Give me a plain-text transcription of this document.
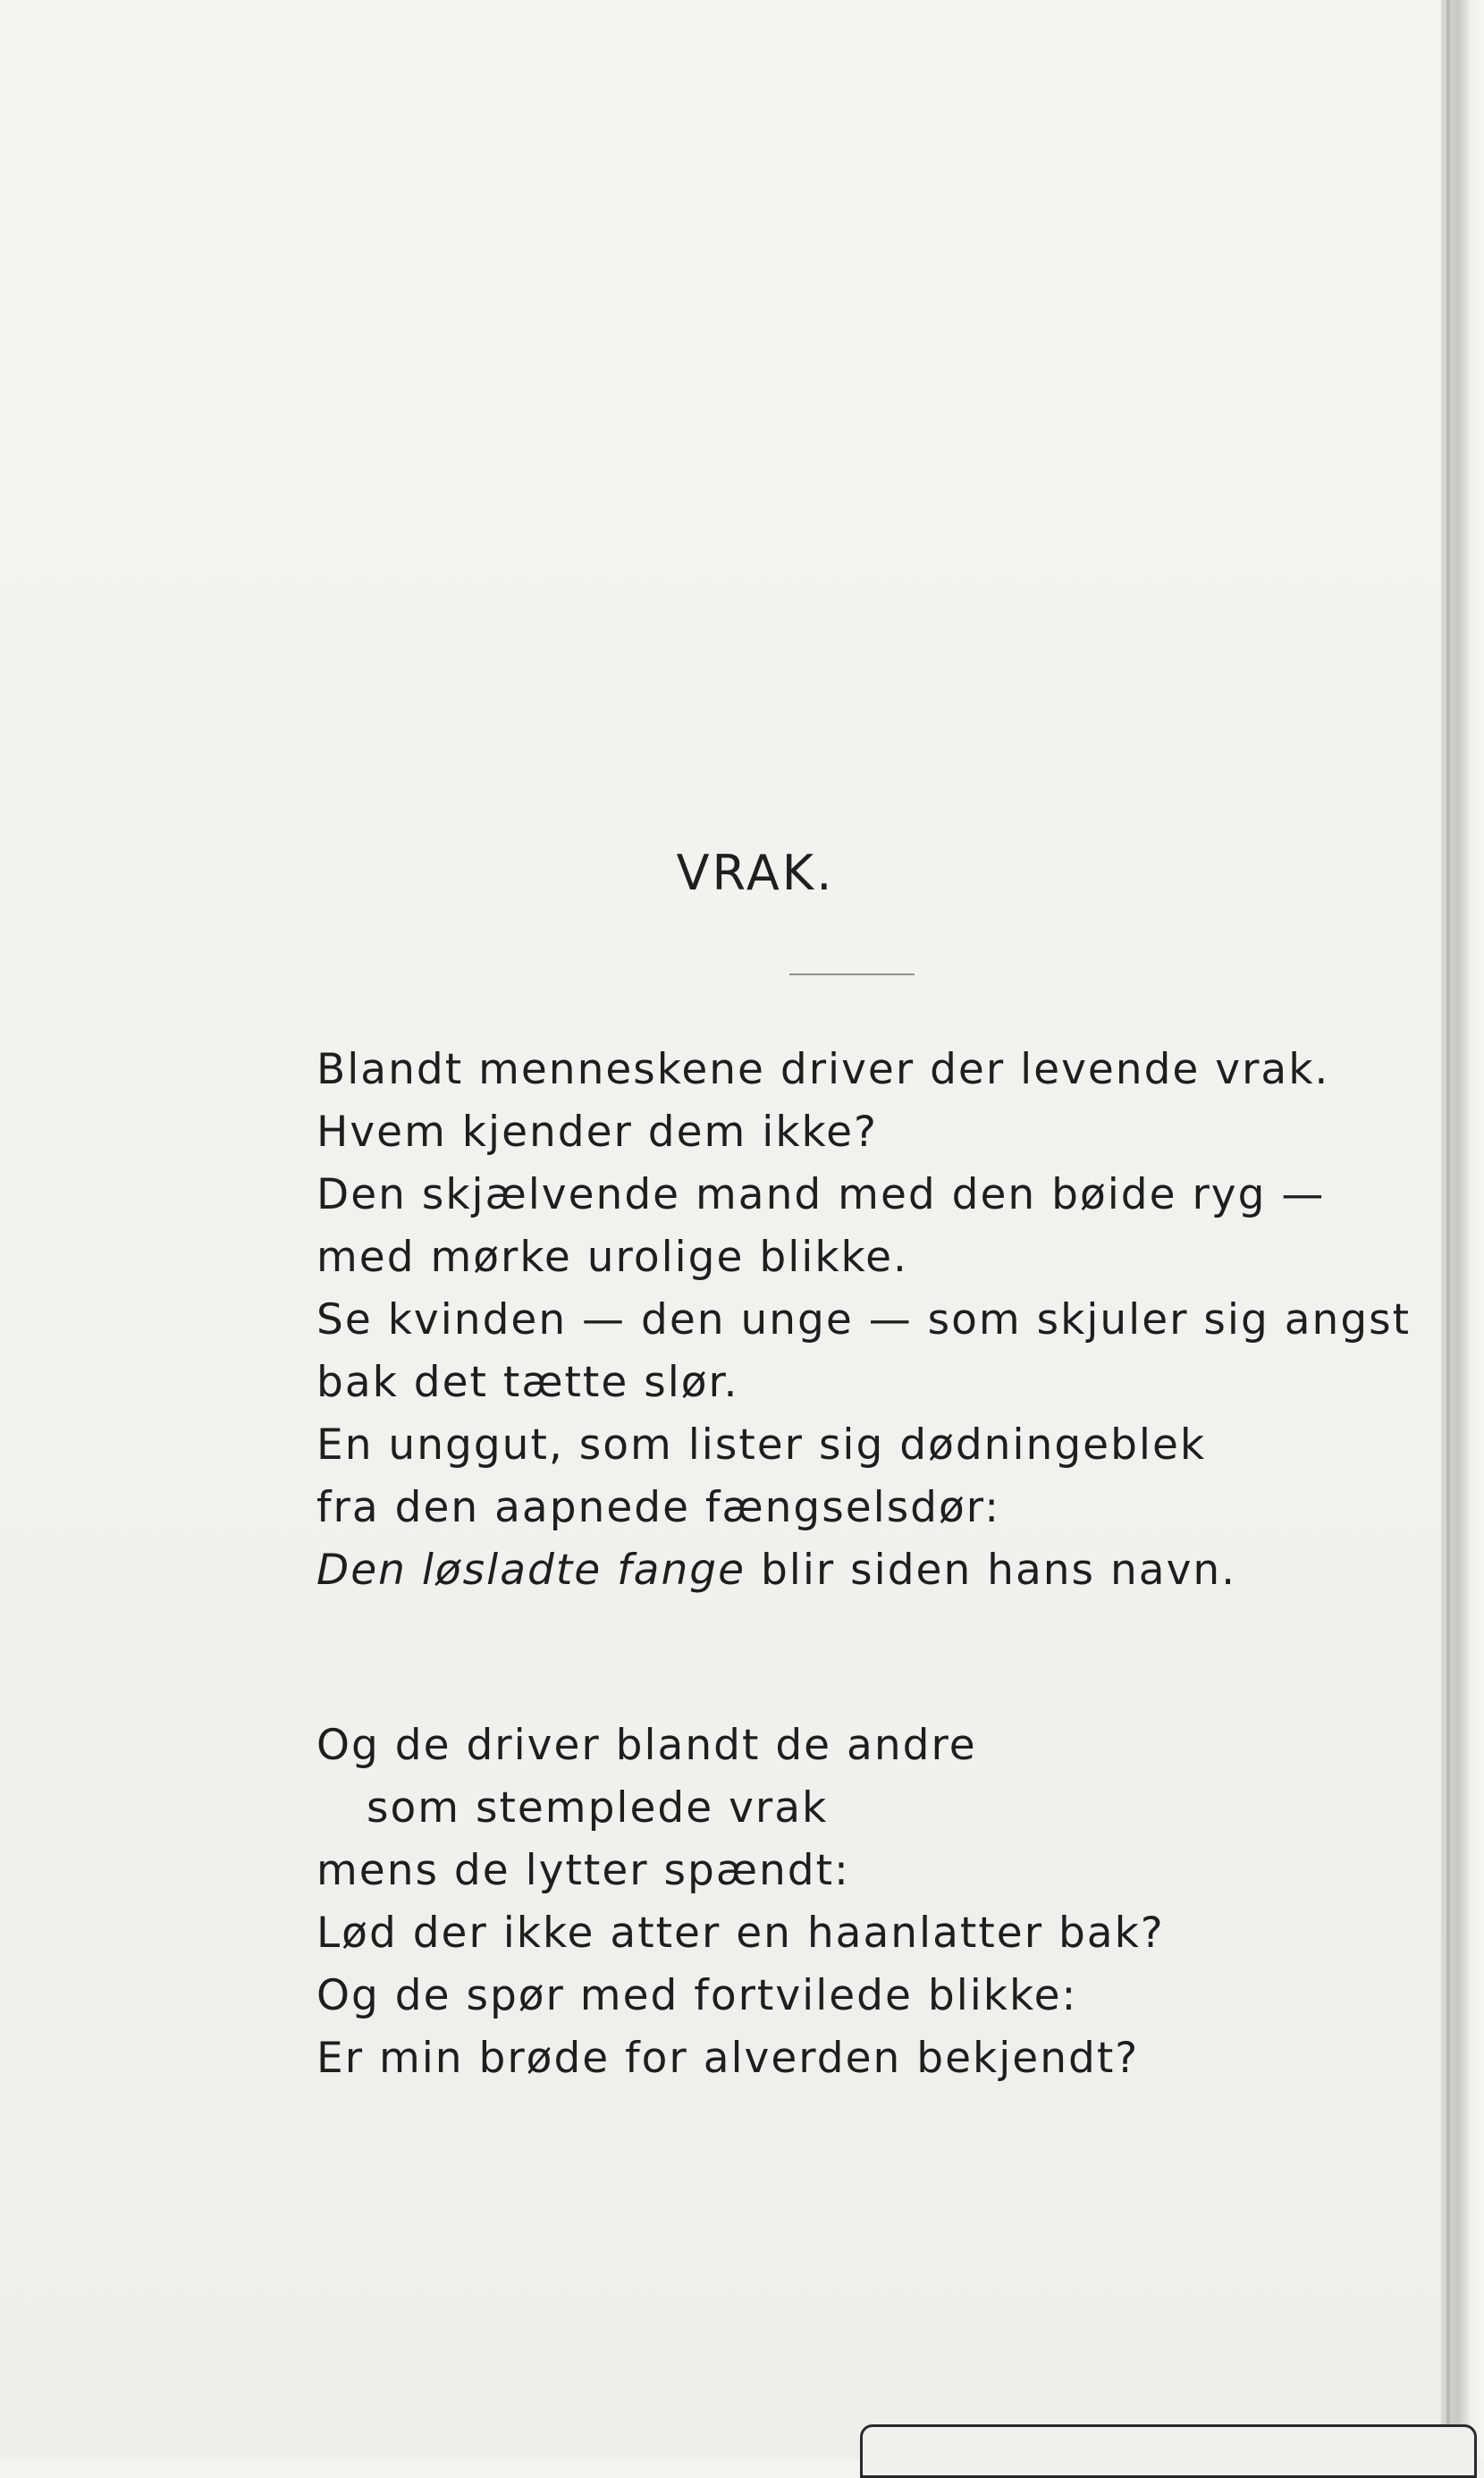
VRAK.
Blandt menneskene driver der levende vrak.
Hvem kjender dem ikke?
Den skjælvende mand med den bøide ryg —
med mørke urolige blikke.
Se kvinden — den unge — som skjuler sig angst
bak det tætte slør.
En unggut, som lister sig dødningeblek
fra den aapnede fængselsdør:
Den løsladte fange blir siden hans navn.
Og de driver blandt de andre
som stemplede vrak
mens de lytter spændt:
Lød der ikke atter en haanlatter bak?
Og de spør med fortvilede blikke:
Er min brøde for alverden bekjendt?
